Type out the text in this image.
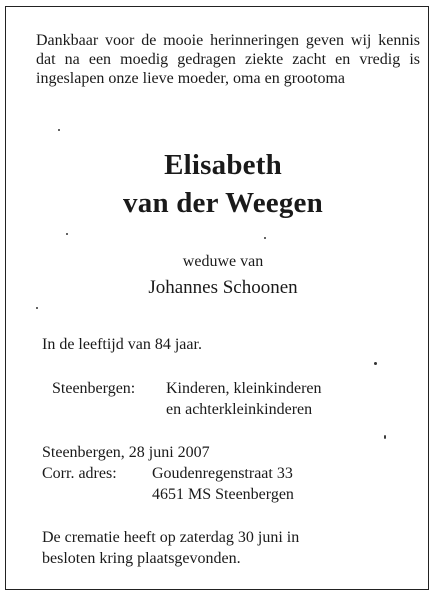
Dankbaar voor de mooie herinneringen geven wij kennis dat na een moedig gedragen ziekte zacht en vredig is ingeslapen onze lieve moeder, oma en grootoma

Elisabeth
van der Weegen

weduwe van

Johannes Schoonen

In de leeftijd van 84 jaar.

Steenbergen: Kinderen, kleinkinderen

en achterkleinkinderen

Steenbergen, 28 juni 2007

Corr. adres: Goudenregenstraat 33

4651 MS Steenbergen

De crematie heeft op zaterdag 30 juni in besloten kring plaatsgevonden.
